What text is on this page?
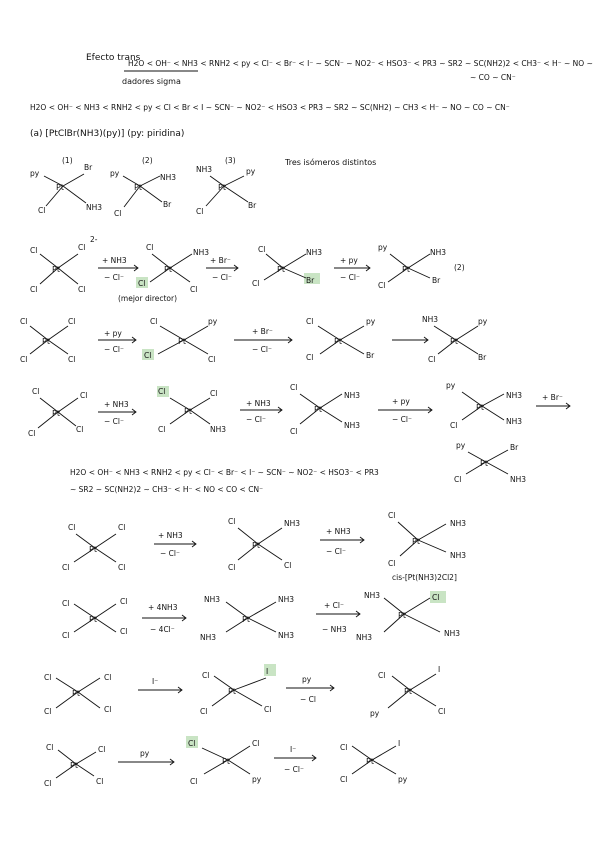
Efecto trans
H2O < OH⁻ < NH3 < RNH2 < py < Cl⁻ < Br⁻ < I⁻ ~ SCN⁻ ~ NO2⁻ < HSO3⁻ < PR3 ~ SR2 ~ SC(NH2)2 < CH3⁻ < H⁻ ~ NO ~
~ CO ~ CN⁻
dadores sigma
H2O < OH⁻ < NH3 < RNH2 < py < Cl < Br < I ~ SCN⁻ ~ NO2⁻ < HSO3 < PR3 ~ SR2 ~ SC(NH2) ~ CH3 < H⁻ ~ NO ~ CO ~ CN⁻
(a) [PtClBr(NH3)(py)] (py: piridina)
Tres isómeros distintos
(1)
Pt
py
Br
Cl	NH3
(2)
Pt
py	NH3
Cl
Br
(3)
Pt
NH3	py
Cl
Br
Pt
Cl	Cl
Cl	Cl
2-
+ NH3
− Cl⁻
Pt
Cl
NH3
Cl
Cl
(mejor director)
+ Br⁻
− Cl⁻
Pt
Cl	NH3
Cl	Br
+ py
− Cl⁻
Pt
py
NH3
Cl
Br
(2)
Pt
Cl	Cl
Cl	Cl
+ py
− Cl⁻
Pt
Cl	py
Cl	Cl
+ Br⁻
− Cl⁻
Pt
Cl	py
Cl	Br
Pt
NH3	py
Cl	Br
Pt
Cl	Cl
Cl	Cl
+ NH3
− Cl⁻
Pt
Cl	Cl
Cl	NH3
+ NH3
− Cl⁻
Pt
Cl
NH3
Cl
NH3
+ py
− Cl⁻
Pt
py
NH3
Cl	NH3
+ Br⁻
Pt
py	Br
Cl	NH3
H2O < OH⁻ < NH3 < RNH2 < py < Cl⁻ < Br⁻ < I⁻ ~ SCN⁻ ~ NO2⁻ < HSO3⁻ < PR3
~ SR2 ~ SC(NH2)2 ~ CH3⁻ < H⁻ < NO < CO < CN⁻
Pt
Cl	Cl
Cl	Cl
+ NH3
− Cl⁻
Pt
Cl	NH3
Cl	Cl
+ NH3
− Cl⁻
Pt
Cl
NH3
Cl
NH3
cis-[Pt(NH3)2Cl2]
Pt
Cl	Cl
Cl	Cl
+ 4NH3
− 4Cl⁻
Pt
NH3	NH3
NH3	NH3
+ Cl⁻
− NH3
Pt
NH3	Cl
NH3	NH3
Pt
Cl	Cl
Cl	Cl
I⁻
Pt
Cl	I
Cl	Cl
py
− Cl
Pt
Cl
I
py	Cl
Pt
Cl	Cl
Cl	Cl
py
Pt
Cl	Cl
Cl	py
I⁻
− Cl⁻
Pt
Cl	I
Cl	py
